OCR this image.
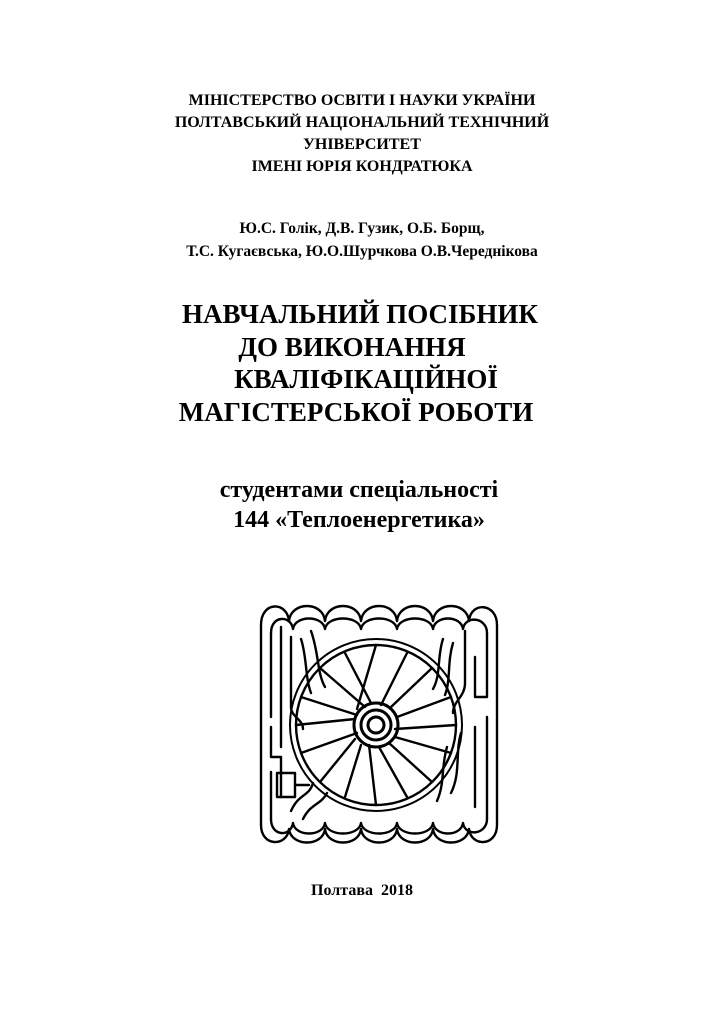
МІНІСТЕРСТВО ОСВІТИ І НАУКИ УКРАЇНИ
ПОЛТАВСЬКИЙ НАЦІОНАЛЬНИЙ ТЕХНІЧНИЙ
УНІВЕРСИТЕТ
ІМЕНІ ЮРІЯ КОНДРАТЮКА
Ю.С. Голік, Д.В. Гузик, О.Б. Борщ,
Т.С. Кугаєвська, Ю.О.Шурчкова О.В.Череднікова
НАВЧАЛЬНИЙ ПОСІБНИК
ДО ВИКОНАННЯ
КВАЛІФІКАЦІЙНОЇ
МАГІСТЕРСЬКОЇ РОБОТИ
студентами спеціальності
144 «Теплоенергетика»
Полтава  2018
